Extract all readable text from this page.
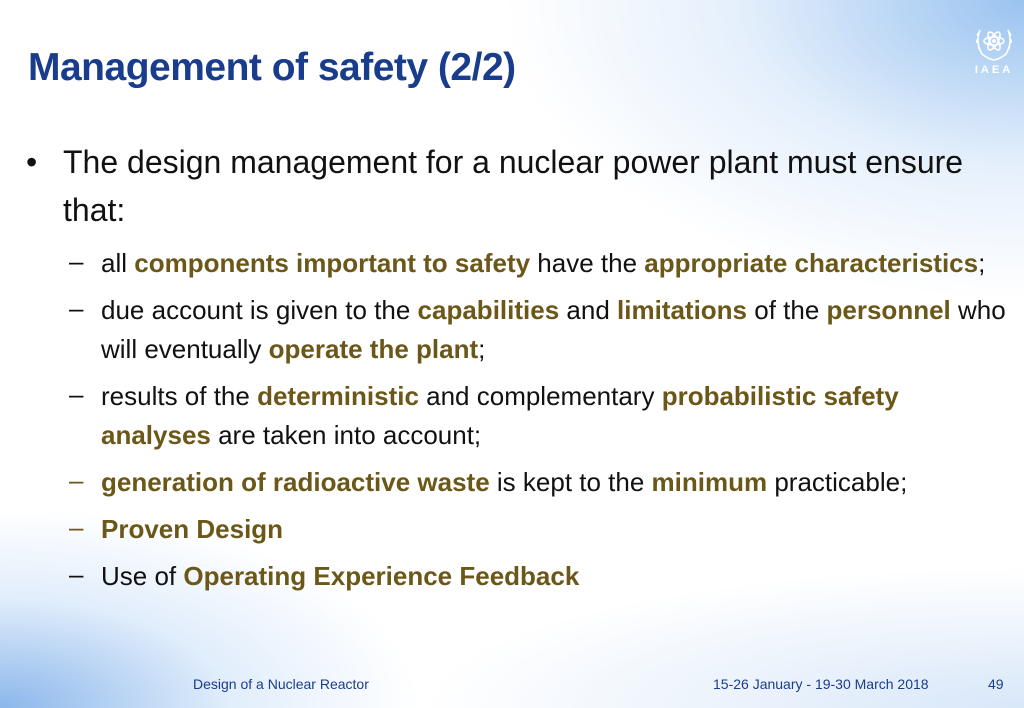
Management of safety (2/2)	IAEA
• The design management for a nuclear power plant must ensure that:
– all components important to safety have the appropriate characteristics;
– due account is given to the capabilities and limitations of the personnel who will eventually operate the plant;
– results of the deterministic and complementary probabilistic safety analyses are taken into account;
– generation of radioactive waste is kept to the minimum practicable;
– Proven Design
– Use of Operating Experience Feedback
Design of a Nuclear Reactor	15-26 January - 19-30 March 2018	49
